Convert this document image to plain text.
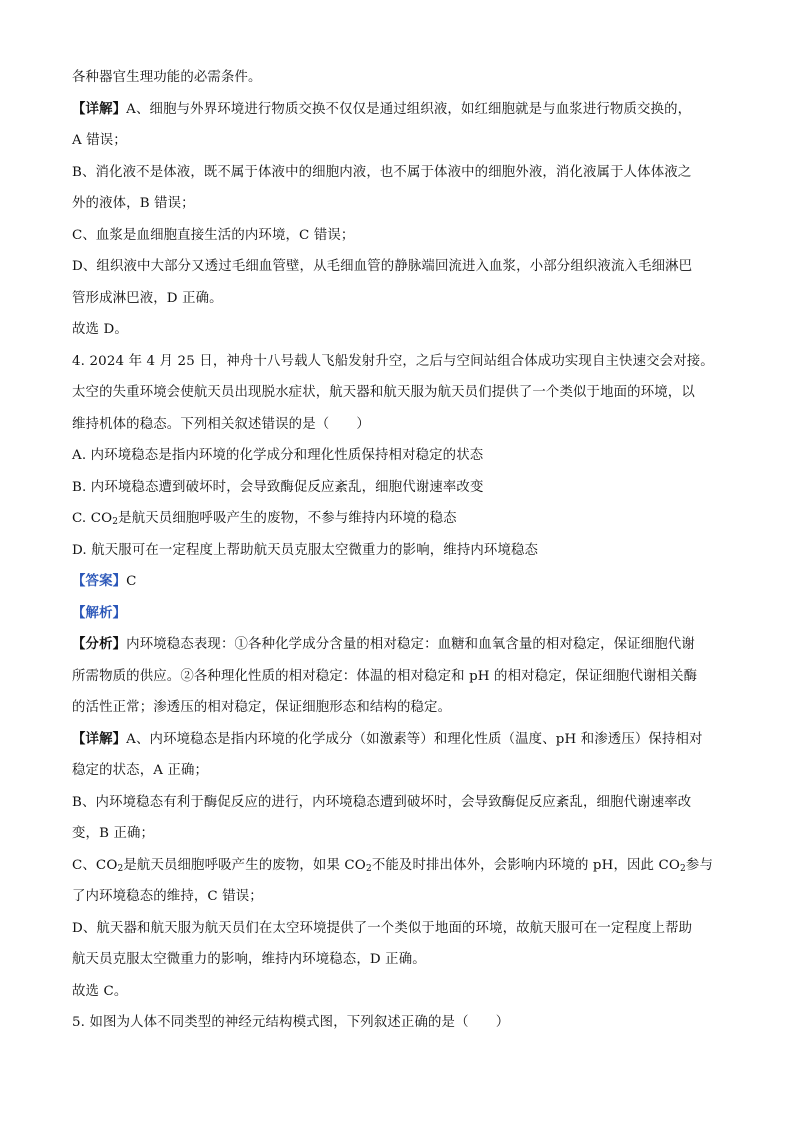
各种器官生理功能的必需条件。
【详解】A、细胞与外界环境进行物质交换不仅仅是通过组织液，如红细胞就是与血浆进行物质交换的，
A 错误；
B、消化液不是体液，既不属于体液中的细胞内液，也不属于体液中的细胞外液，消化液属于人体体液之
外的液体，B 错误；
C、血浆是血细胞直接生活的内环境，C 错误；
D、组织液中大部分又透过毛细血管壁，从毛细血管的静脉端回流进入血浆，小部分组织液流入毛细淋巴
管形成淋巴液，D 正确。
故选 D。
4. 2024 年 4 月 25 日，神舟十八号载人飞船发射升空，之后与空间站组合体成功实现自主快速交会对接。
太空的失重环境会使航天员出现脱水症状，航天器和航天服为航天员们提供了一个类似于地面的环境，以
维持机体的稳态。下列相关叙述错误的是（　　）
A. 内环境稳态是指内环境的化学成分和理化性质保持相对稳定的状态
B. 内环境稳态遭到破坏时，会导致酶促反应紊乱，细胞代谢速率改变
C. $CO_2$是航天员细胞呼吸产生的废物，不参与维持内环境的稳态
D. 航天服可在一定程度上帮助航天员克服太空微重力的影响，维持内环境稳态
【答案】C
【解析】
【分析】内环境稳态表现：①各种化学成分含量的相对稳定：血糖和血氧含量的相对稳定，保证细胞代谢
所需物质的供应。②各种理化性质的相对稳定：体温的相对稳定和 pH 的相对稳定，保证细胞代谢相关酶
的活性正常；渗透压的相对稳定，保证细胞形态和结构的稳定。
【详解】A、内环境稳态是指内环境的化学成分（如激素等）和理化性质（温度、pH 和渗透压）保持相对
稳定的状态，A 正确；
B、内环境稳态有利于酶促反应的进行，内环境稳态遭到破坏时，会导致酶促反应紊乱，细胞代谢速率改
变，B 正确；
C、$CO_2$是航天员细胞呼吸产生的废物，如果 $CO_2$不能及时排出体外，会影响内环境的 pH，因此 $CO_2$参与
了内环境稳态的维持，C 错误；
D、航天器和航天服为航天员们在太空环境提供了一个类似于地面的环境，故航天服可在一定程度上帮助
航天员克服太空微重力的影响，维持内环境稳态，D 正确。
故选 C。
5. 如图为人体不同类型的神经元结构模式图，下列叙述正确的是（　　）
